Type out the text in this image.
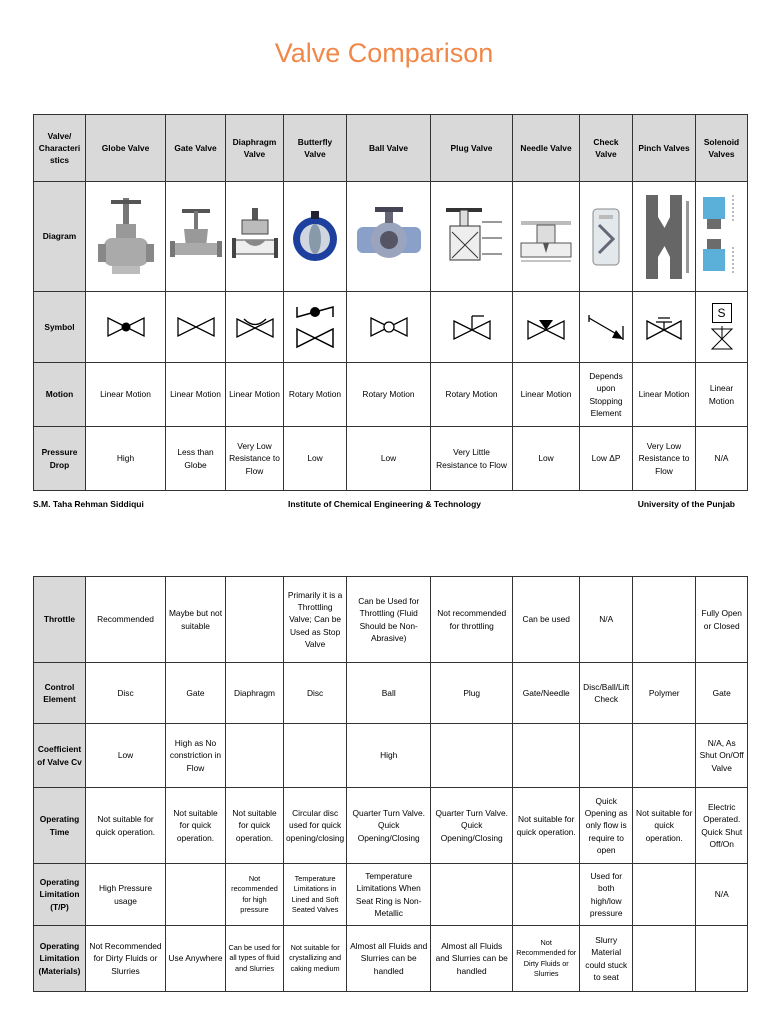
Valve Comparison
Valve/ Characteri stics	Globe Valve	Gate Valve	Diaphragm Valve	Butterfly Valve	Ball Valve	Plug Valve	Needle Valve	Check Valve	Pinch Valves	Solenoid Valves
Diagram	

Symbol										S

Motion	Linear Motion	Linear Motion	Linear Motion	Rotary Motion	Rotary Motion	Rotary Motion	Linear Motion	Depends upon Stopping Element	Linear Motion	Linear Motion
Pressure Drop	High	Less than Globe	Very Low Resistance to Flow	Low	Low	Very Little Resistance to Flow	Low	Low ΔP	Very Low Resistance to Flow	N/A
S.M. Taha Rehman Siddiqui	Institute of Chemical Engineering & Technology	University of the Punjab
Throttle	Recommended	Maybe but not suitable		Primarily it is a Throttling Valve; Can be Used as Stop Valve	Can be Used for Throttling (Fluid Should be Non-Abrasive)	Not recommended for throttling	Can be used	N/A		Fully Open or Closed
Control Element	Disc	Gate	Diaphragm	Disc	Ball	Plug	Gate/Needle	Disc/Ball/Lift Check	Polymer	Gate
Coefficient of Valve Cv	Low	High as No constriction in Flow			High					N/A, As Shut On/Off Valve
Operating Time	Not suitable for quick operation.	Not suitable for quick operation.	Not suitable for quick operation.	Circular disc used for quick opening/closing	Quarter Turn Valve. Quick Opening/Closing	Quarter Turn Valve. Quick Opening/Closing	Not suitable for quick operation.	Quick Opening as only flow is require to open	Not suitable for quick operation.	Electric Operated. Quick Shut Off/On
Operating Limitation (T/P)	High Pressure usage		Not recommended for high pressure	Temperature Limitations in Lined and Soft Seated Valves	Temperature Limitations When Seat Ring is Non-Metallic			Used for both high/low pressure		N/A
Operating Limitation (Materials)	Not Recommended for Dirty Fluids or Slurries	Use Anywhere	Can be used for all types of fluid and Slurries	Not suitable for crystallizing and caking medium	Almost all Fluids and Slurries can be handled	Almost all Fluids and Slurries can be handled	Not Recommended for Dirty Fluids or Slurries	Slurry Material could stuck to seat		
